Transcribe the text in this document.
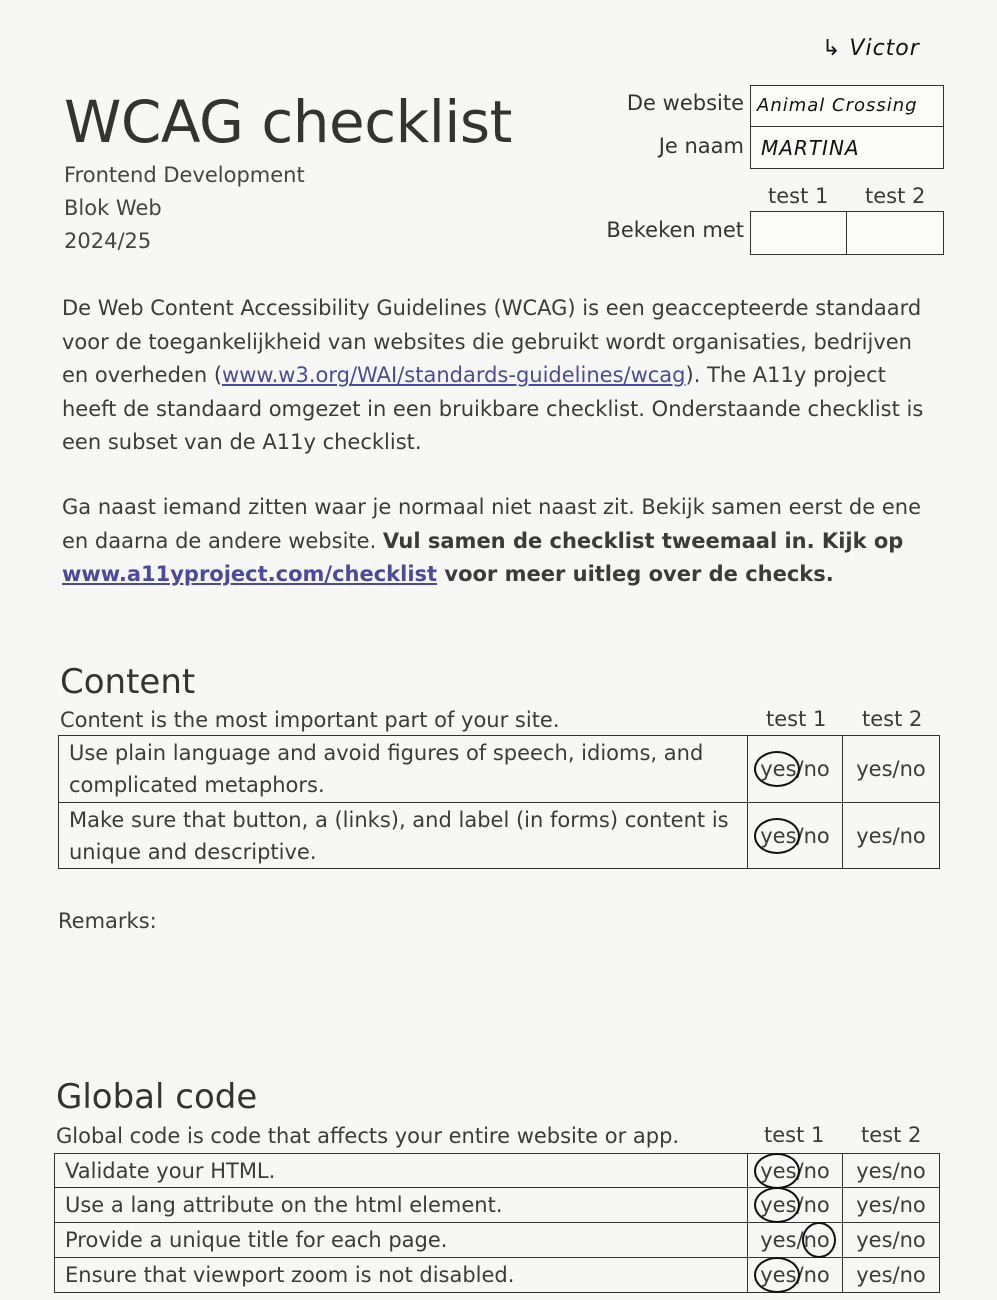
WCAG checklist
Frontend Development
Blok Web
2024/25
↳ Victor
De website Animal Crossing
Je naam MARTINA
test 1 test 2
Bekeken met
De Web Content Accessibility Guidelines (WCAG) is een geaccepteerde standaard voor de toegankelijkheid van websites die gebruikt wordt organisaties, bedrijven en overheden (www.w3.org/WAI/standards-guidelines/wcag). The A11y project heeft de standaard omgezet in een bruikbare checklist. Onderstaande checklist is een subset van de A11y checklist.
Ga naast iemand zitten waar je normaal niet naast zit. Bekijk samen eerst de ene en daarna de andere website. Vul samen de checklist tweemaal in. Kijk op www.a11yproject.com/checklist voor meer uitleg over de checks.
Content
Content is the most important part of your site.	test 1 test 2
Use plain language and avoid figures of speech, idioms, and complicated metaphors.	yes/no	yes/no
Make sure that button, a (links), and label (in forms) content is unique and descriptive.	yes/no	yes/no
Remarks:
Global code
Global code is code that affects your entire website or app.	test 1 test 2
Validate your HTML.	yes/no	yes/no
Use a lang attribute on the html element.	yes/no	yes/no
Provide a unique title for each page.	yes/no	yes/no
Ensure that viewport zoom is not disabled.	yes/no	yes/no
